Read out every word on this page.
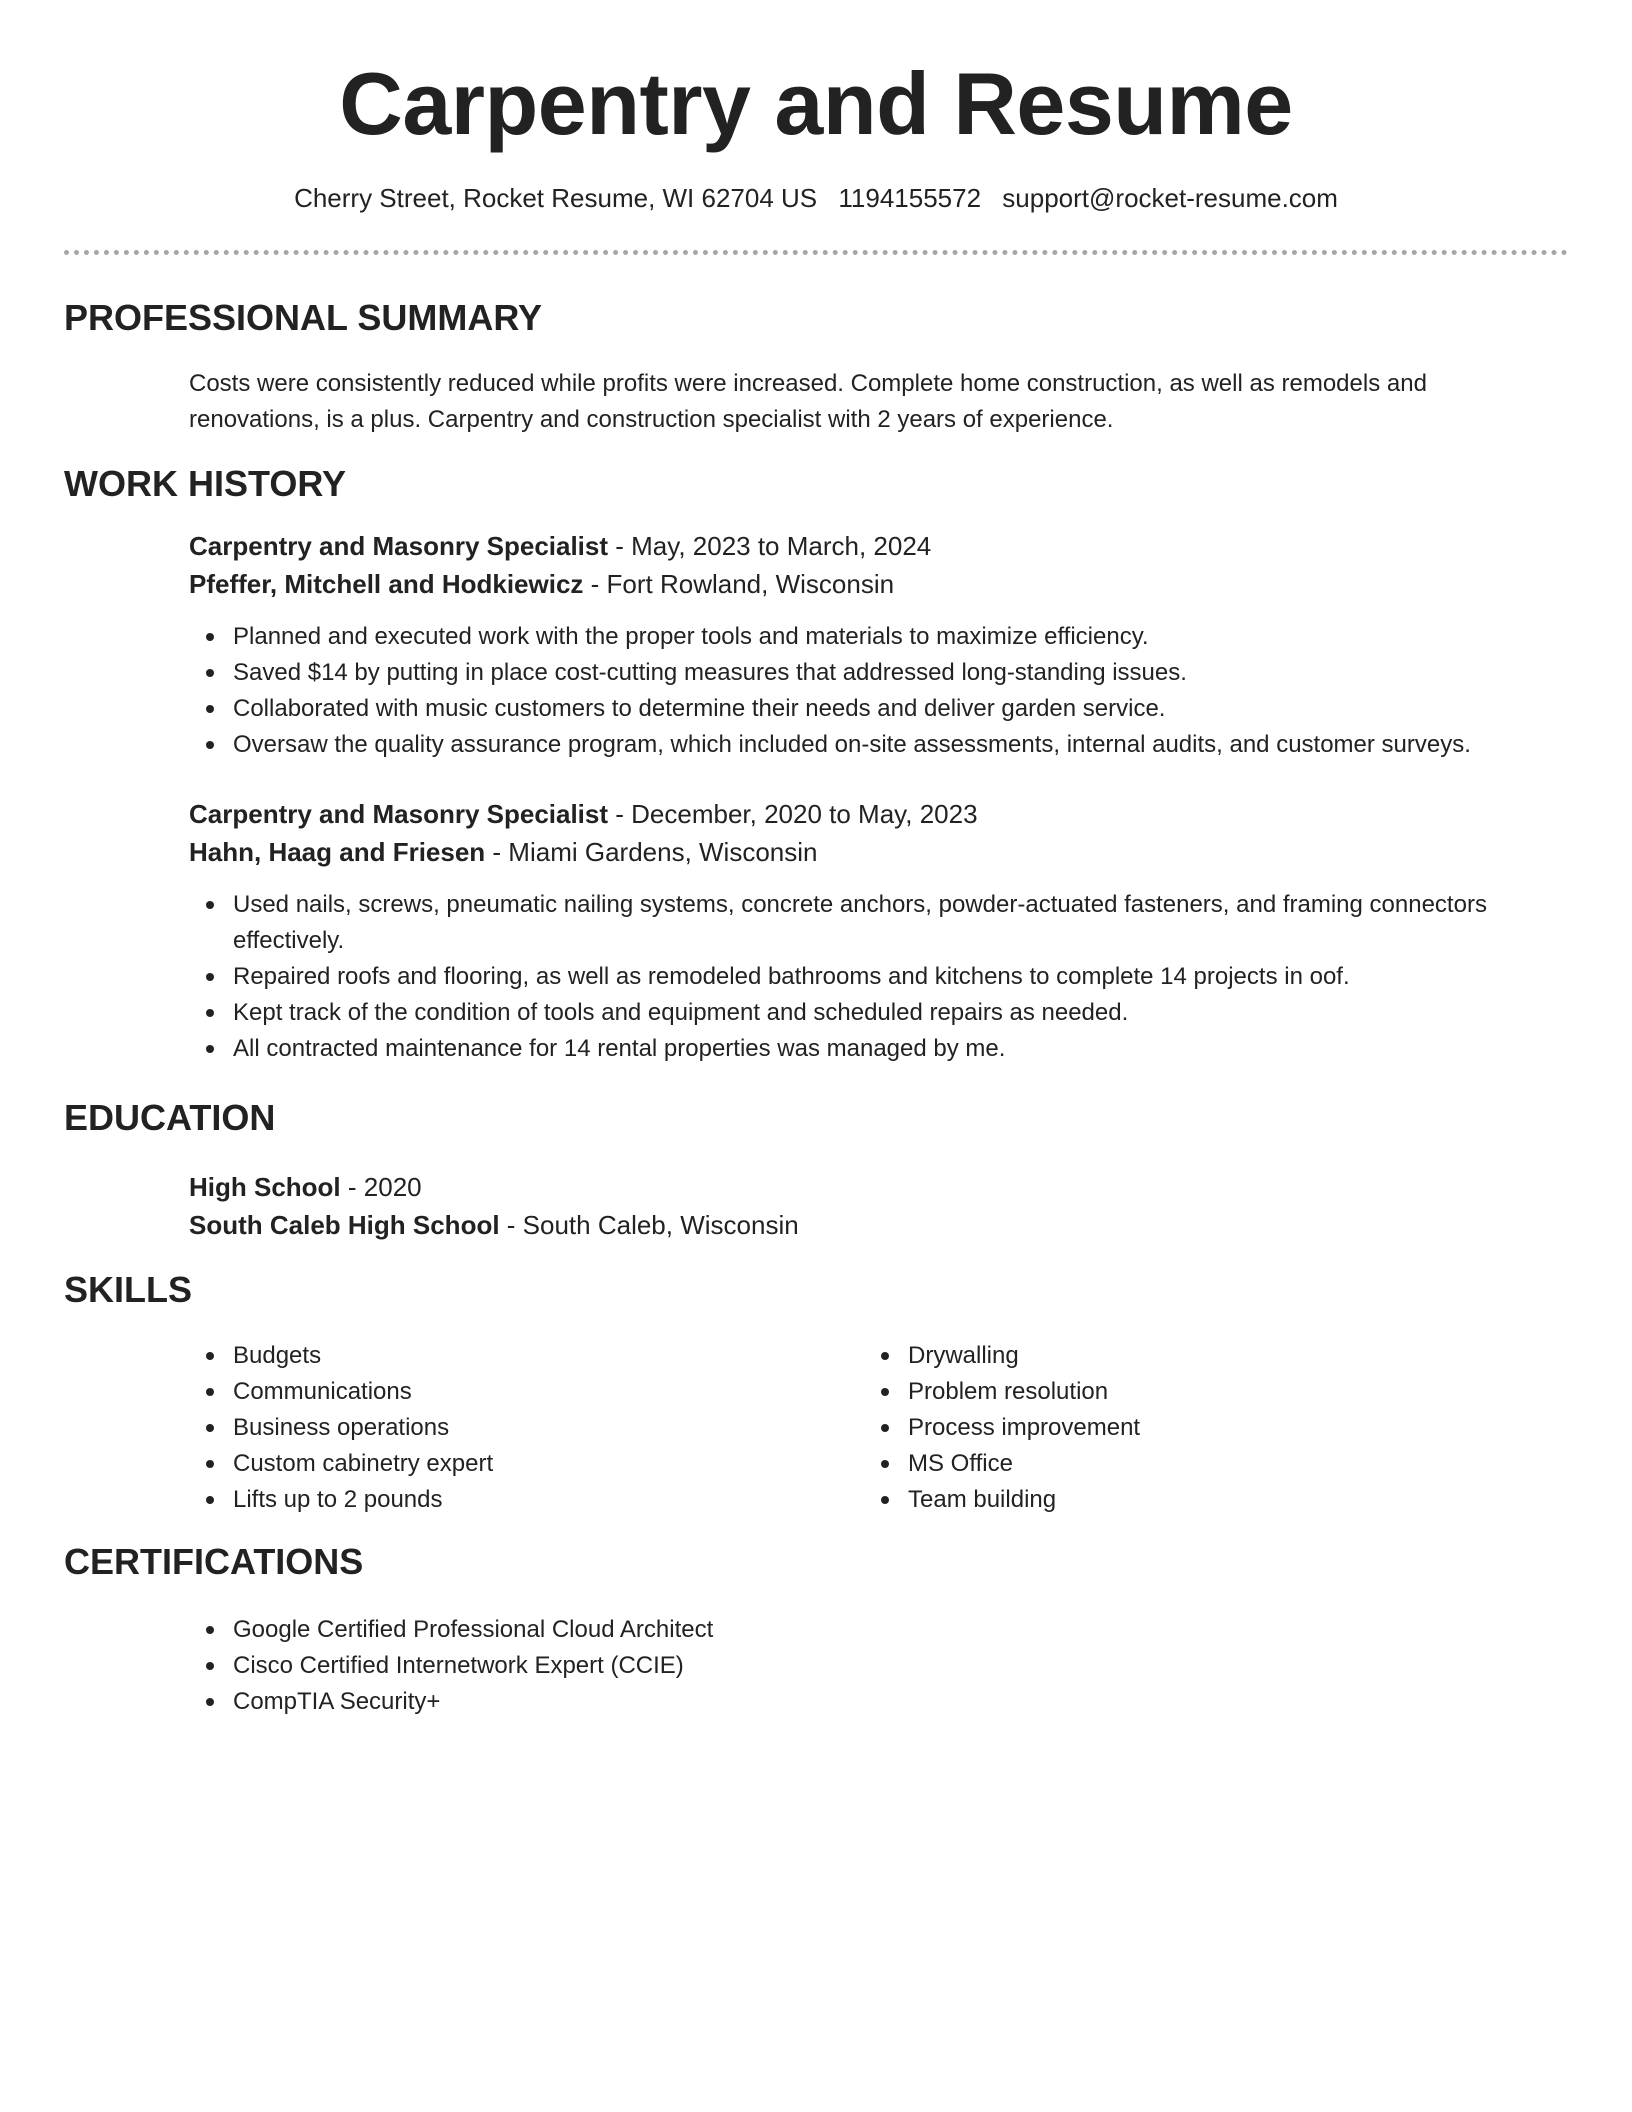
Carpentry and Resume
Cherry Street, Rocket Resume, WI 62704 US 1194155572 support@rocket-resume.com
PROFESSIONAL SUMMARY

Costs were consistently reduced while profits were increased. Complete home construction, as well as remodels and renovations, is a plus. Carpentry and construction specialist with 2 years of experience.

WORK HISTORY
Carpentry and Masonry Specialist - May, 2023 to March, 2024
Pfeffer, Mitchell and Hodkiewicz - Fort Rowland, Wisconsin
Planned and executed work with the proper tools and materials to maximize efficiency.
Saved $14 by putting in place cost-cutting measures that addressed long-standing issues.
Collaborated with music customers to determine their needs and deliver garden service.
Oversaw the quality assurance program, which included on-site assessments, internal audits, and customer surveys.
Carpentry and Masonry Specialist - December, 2020 to May, 2023
Hahn, Haag and Friesen - Miami Gardens, Wisconsin
Used nails, screws, pneumatic nailing systems, concrete anchors, powder-actuated fasteners, and framing connectors effectively.
Repaired roofs and flooring, as well as remodeled bathrooms and kitchens to complete 14 projects in oof.
Kept track of the condition of tools and equipment and scheduled repairs as needed.
All contracted maintenance for 14 rental properties was managed by me.
EDUCATION
High School - 2020
South Caleb High School - South Caleb, Wisconsin
SKILLS
Budgets
Communications
Business operations
Custom cabinetry expert
Lifts up to 2 pounds
Drywalling
Problem resolution
Process improvement
MS Office
Team building
CERTIFICATIONS
Google Certified Professional Cloud Architect
Cisco Certified Internetwork Expert (CCIE)
CompTIA Security+
